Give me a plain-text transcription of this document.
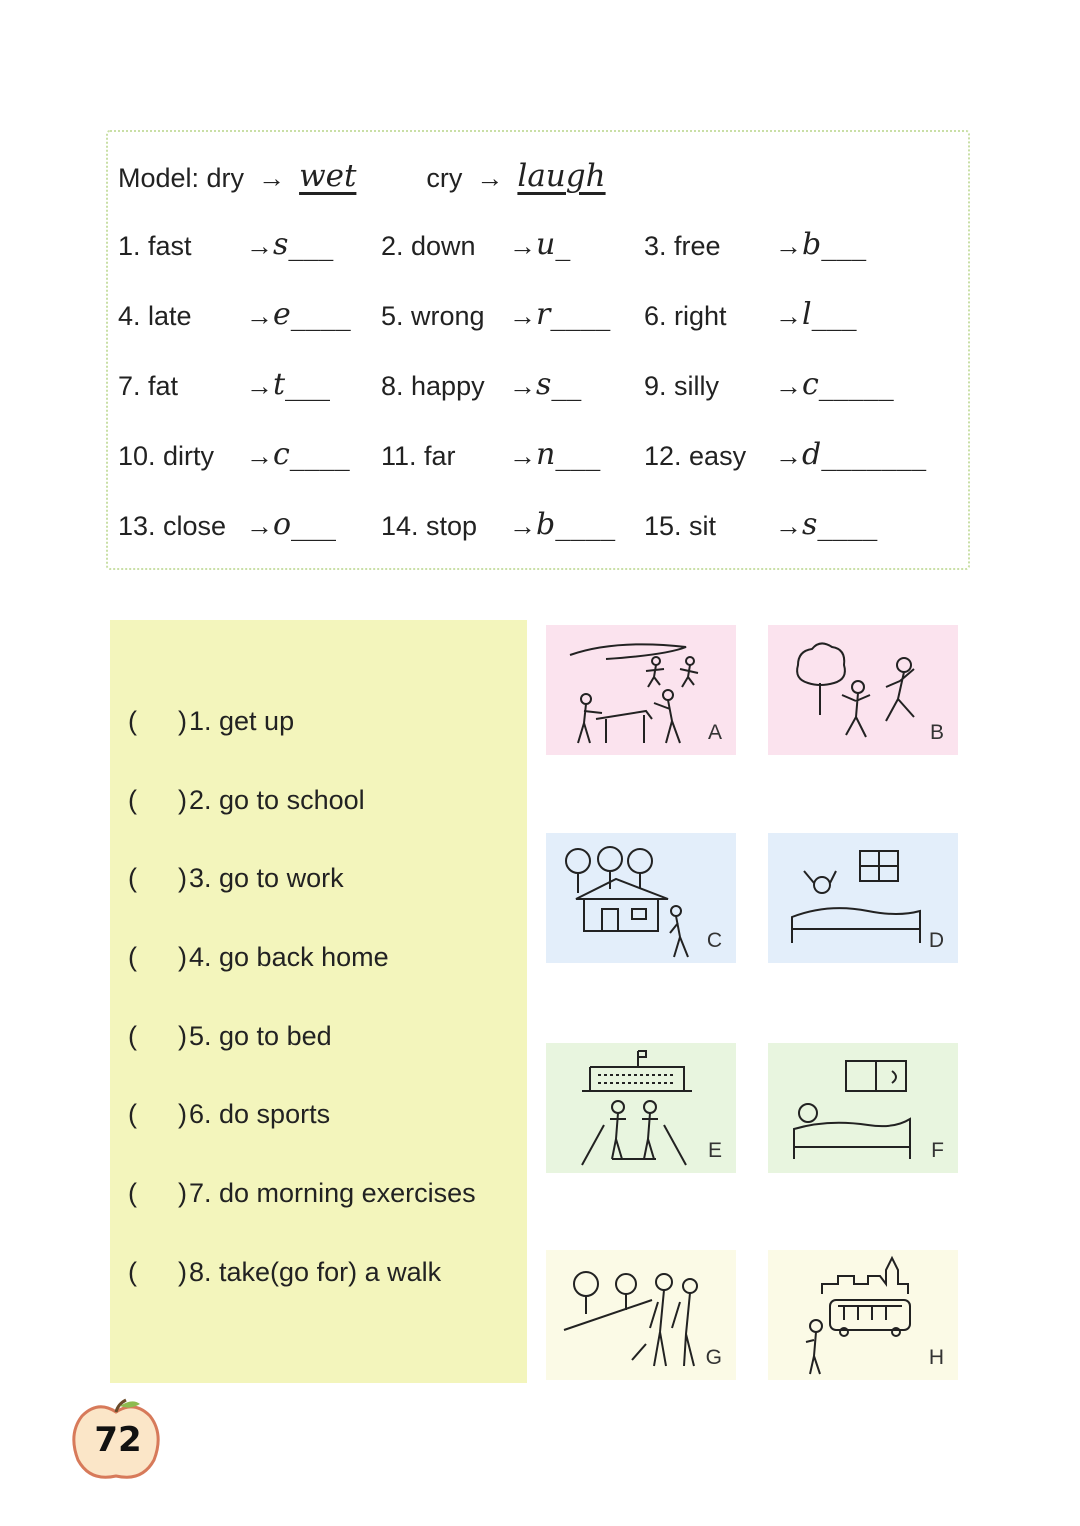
Model: dry → wet	cry → laugh
1. fast → s___ 2. down → u_	3. free → b___
4. late → e____ 5. wrong → r____ 6. right → l___
7. fat	→ t___ 8. happy → s__ 9. silly → c_____
10. dirty → c____ 11. far → n___ 12. easy → d_______
13. close → o___ 14. stop → b____ 15. sit → s____
(	) 1. get up
(	) 2. go to school
(	) 3. go to work
(	) 4. go back home
(	) 5. go to bed
(	) 6. do sports
(	) 7. do morning exercises
(	) 8. take(go for) a walk
A	B
C	D
E	F
G	H
72
